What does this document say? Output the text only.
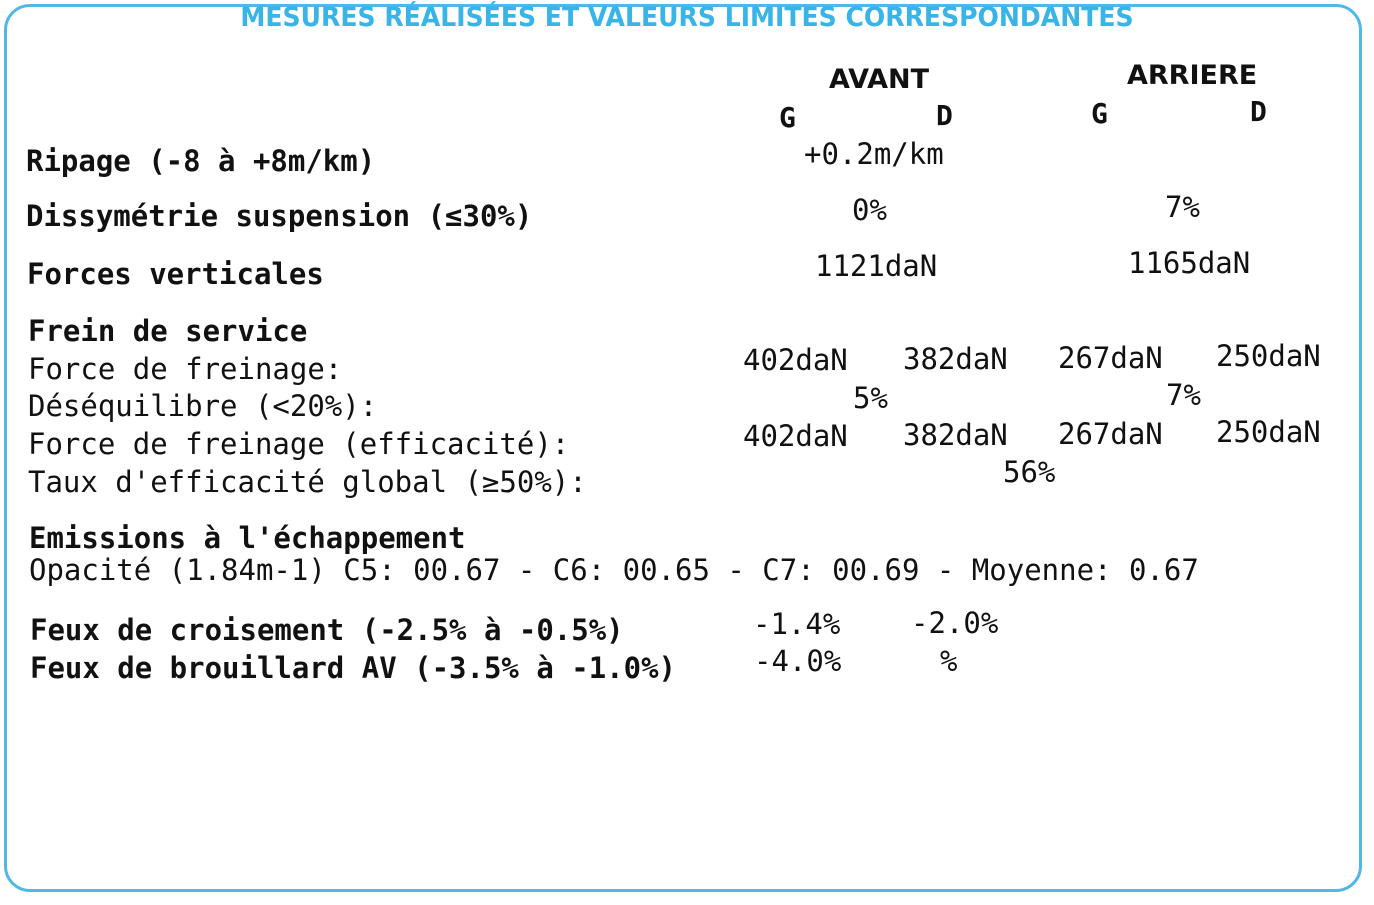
MESURES RÉALISÉES ET VALEURS LIMITES CORRESPONDANTES
AVANT	ARRIERE
G	D	G	D
Ripage (-8 à +8m/km)	+0.2m/km
Dissymétrie suspension (≤30%)	0%	7%
Forces verticales	1121daN	1165daN
Frein de service
Force de freinage:	402daN 382daN 267daN 250daN
Déséquilibre (<20%):	5%	7%
Force de freinage (efficacité):	402daN 382daN 267daN 250daN
Taux d'efficacité global (≥50%):	56%
Emissions à l'échappement
Opacité (1.84m-1) C5: 00.67 - C6: 00.65 - C7: 00.69 - Moyenne: 0.67
Feux de croisement (-2.5% à -0.5%)	-1.4% -2.0%
Feux de brouillard AV (-3.5% à -1.0%)	-4.0%	%
